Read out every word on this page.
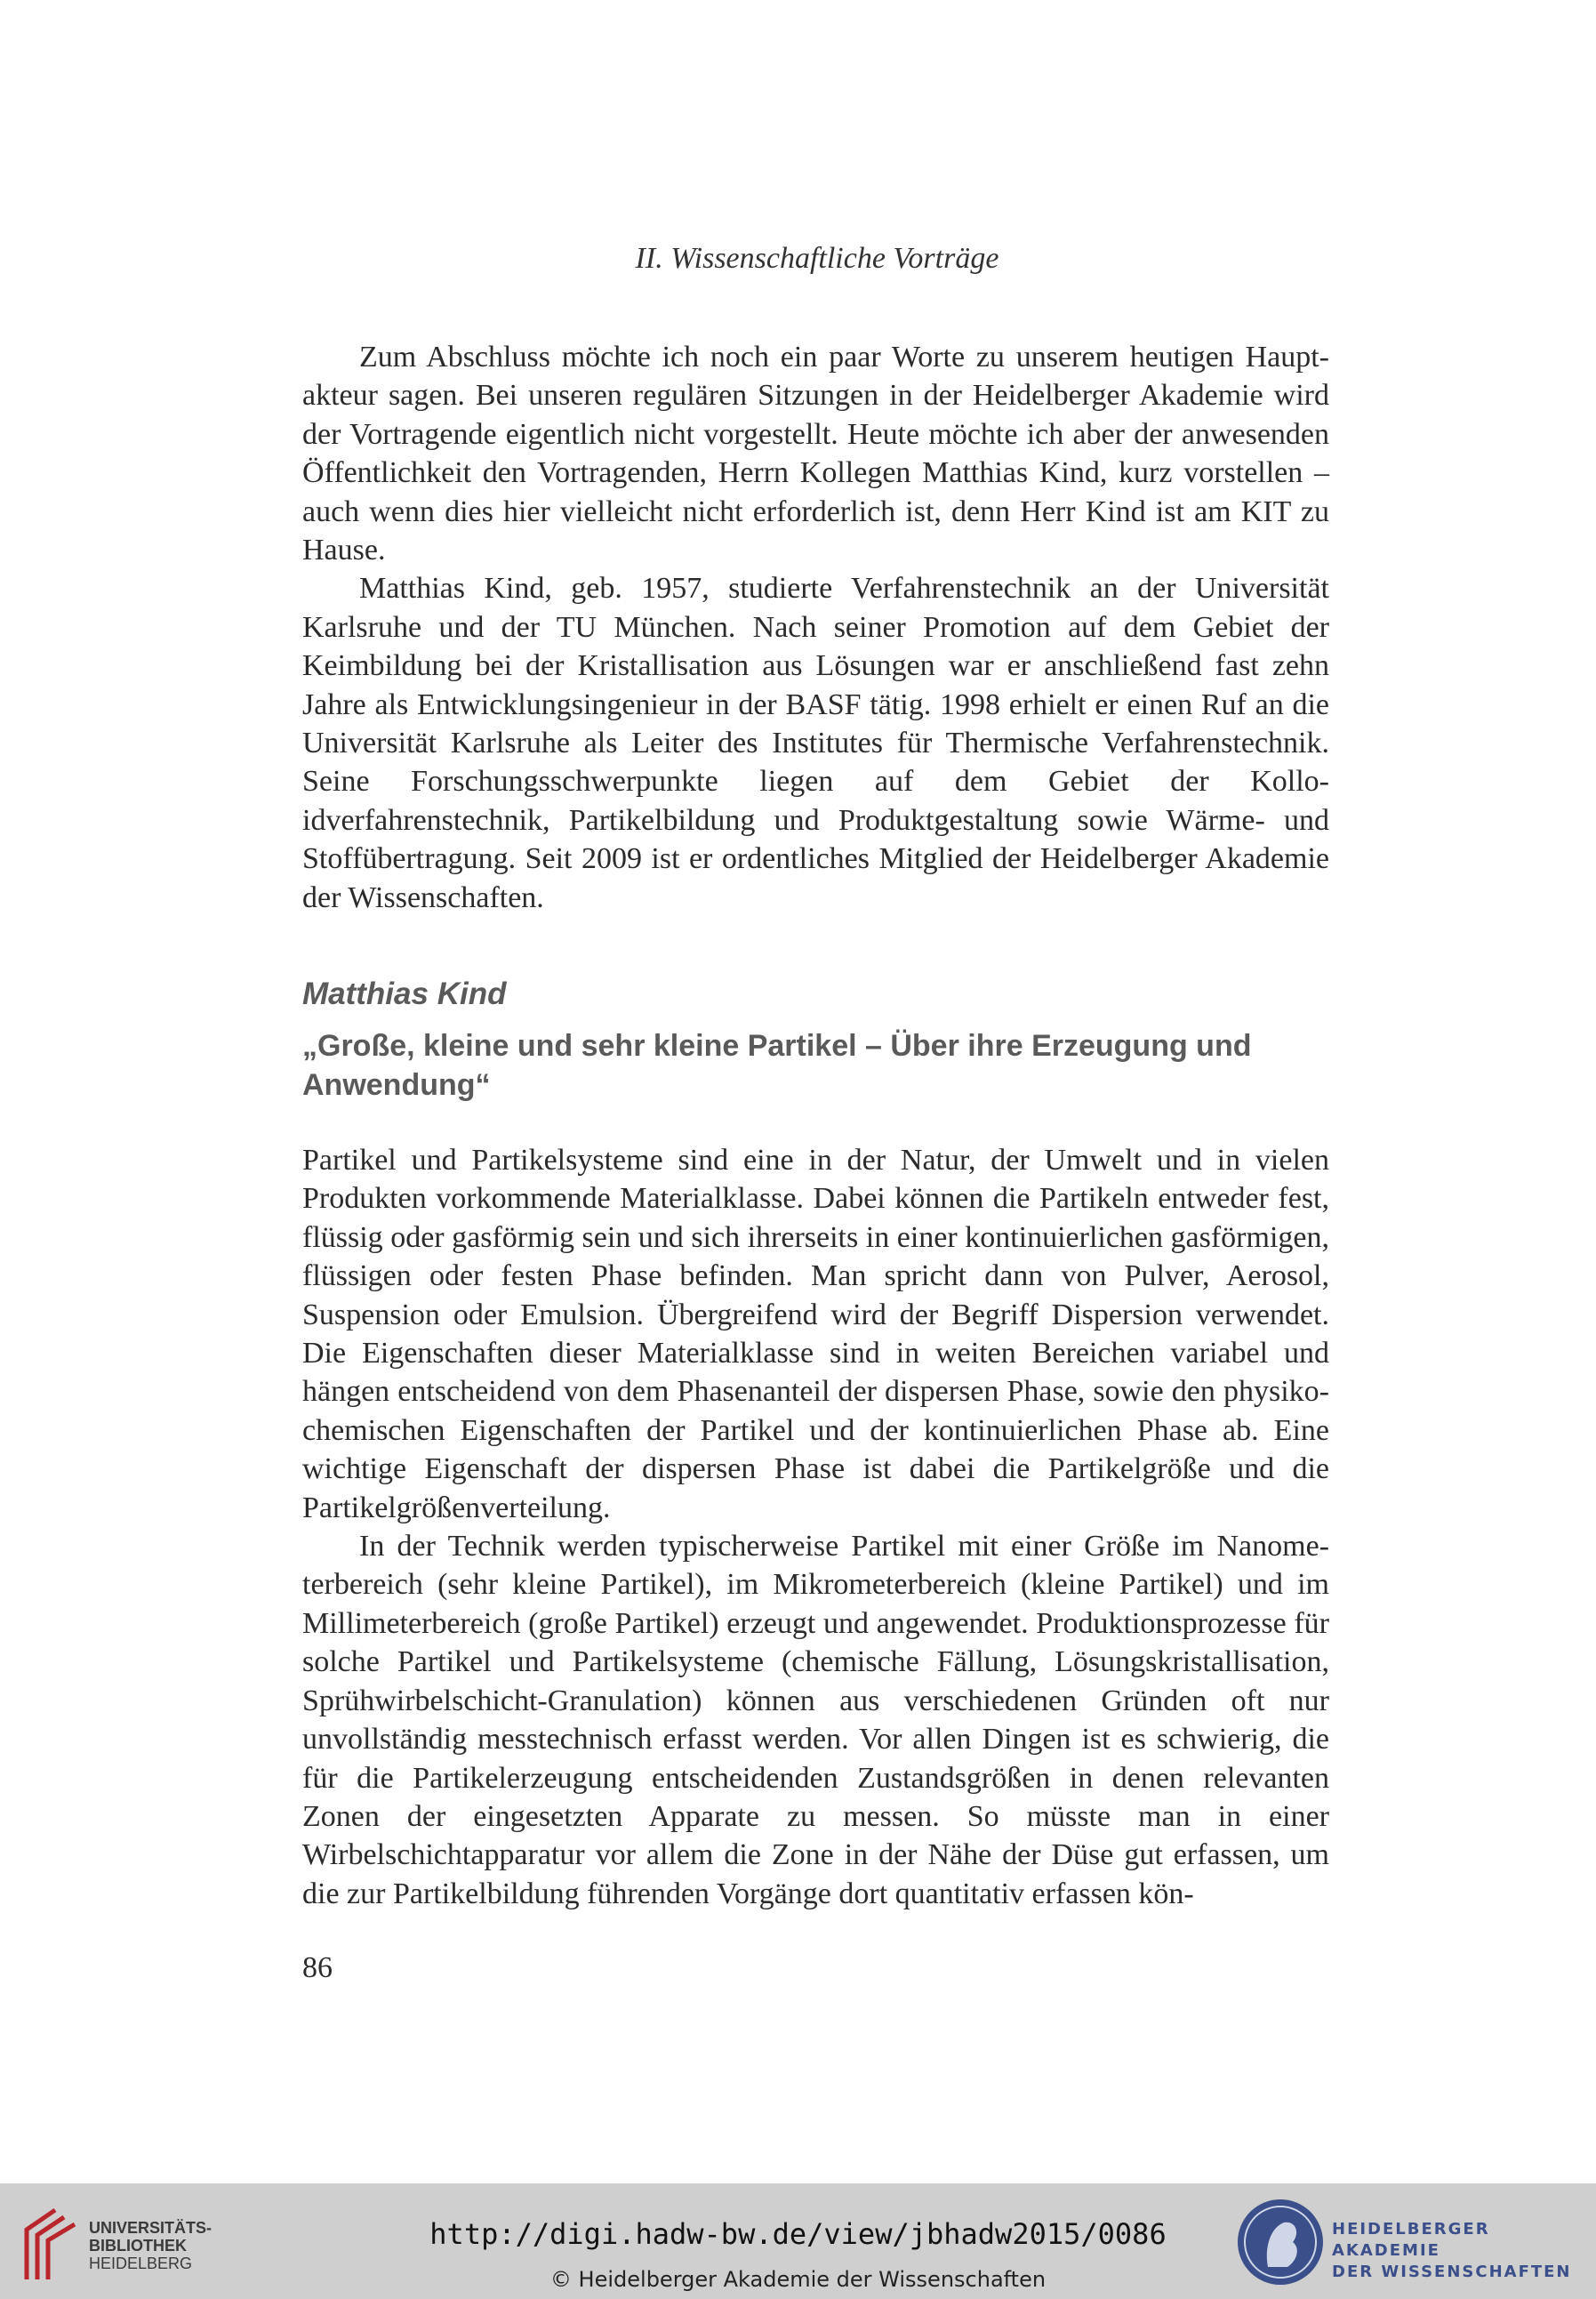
II. Wissenschaftliche Vorträge

Zum Abschluss möchte ich noch ein paar Worte zu unserem heutigen Hauptakteur sagen. Bei unseren regulären Sitzungen in der Heidelberger Akademie wird der Vortragende eigentlich nicht vorgestellt. Heute möchte ich aber der anwesenden Öffentlichkeit den Vortragenden, Herrn Kollegen Matthias Kind, kurz vorstellen – auch wenn dies hier vielleicht nicht erforderlich ist, denn Herr Kind ist am KIT zu Hause.

Matthias Kind, geb. 1957, studierte Verfahrenstechnik an der Universität Karlsruhe und der TU München. Nach seiner Promotion auf dem Gebiet der Keimbildung bei der Kristallisation aus Lösungen war er anschließend fast zehn Jahre als Entwicklungsingenieur in der BASF tätig. 1998 erhielt er einen Ruf an die Universität Karlsruhe als Leiter des Institutes für Thermische Verfahrenstechnik. Seine Forschungsschwerpunkte liegen auf dem Gebiet der Kolloidverfahrenstechnik, Partikelbildung und Produktgestaltung sowie Wärme- und Stoffübertragung. Seit 2009 ist er ordentliches Mitglied der Heidelberger Akademie der Wissenschaften.

Matthias Kind
„Große, kleine und sehr kleine Partikel – Über ihre Erzeugung und Anwendung“

Partikel und Partikelsysteme sind eine in der Natur, der Umwelt und in vielen Produkten vorkommende Materialklasse. Dabei können die Partikeln entweder fest, flüssig oder gasförmig sein und sich ihrerseits in einer kontinuierlichen gasförmigen, flüssigen oder festen Phase befinden. Man spricht dann von Pulver, Aerosol, Suspension oder Emulsion. Übergreifend wird der Begriff Dispersion verwendet. Die Eigenschaften dieser Materialklasse sind in weiten Bereichen variabel und hängen entscheidend von dem Phasenanteil der dispersen Phase, sowie den physiko-chemischen Eigenschaften der Partikel und der kontinuierlichen Phase ab. Eine wichtige Eigenschaft der dispersen Phase ist dabei die Partikelgröße und die Partikelgrößenverteilung.

In der Technik werden typischerweise Partikel mit einer Größe im Nanometerbereich (sehr kleine Partikel), im Mikrometerbereich (kleine Partikel) und im Millimeterbereich (große Partikel) erzeugt und angewendet. Produktionsprozesse für solche Partikel und Partikelsysteme (chemische Fällung, Lösungskristallisation, Sprühwirbelschicht-Granulation) können aus verschiedenen Gründen oft nur unvollständig messtechnisch erfasst werden. Vor allen Dingen ist es schwierig, die für die Partikelerzeugung entscheidenden Zustandsgrößen in denen relevanten Zonen der eingesetzten Apparate zu messen. So müsste man in einer Wirbelschichtapparatur vor allem die Zone in der Nähe der Düse gut erfassen, um die zur Partikelbildung führenden Vorgänge dort quantitativ erfassen kön-

86
UNIVERSITÄTS-
BIBLIOTHEK
HEIDELBERG
http://digi.hadw-bw.de/view/jbhadw2015/0086
© Heidelberger Akademie der Wissenschaften
HEIDELBERGER AKADEMIE
DER WISSENSCHAFTEN
